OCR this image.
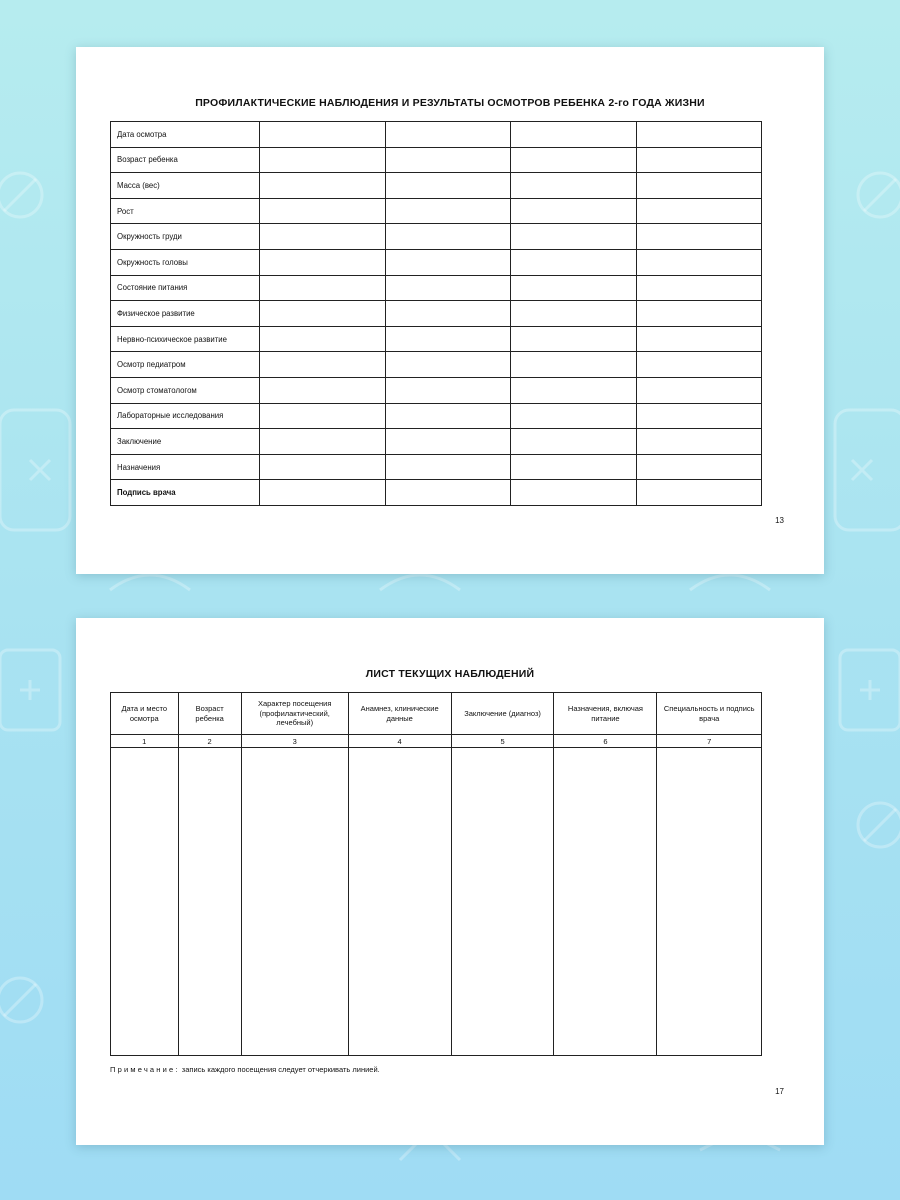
ПРОФИЛАКТИЧЕСКИЕ НАБЛЮДЕНИЯ И РЕЗУЛЬТАТЫ ОСМОТРОВ РЕБЕНКА 2-го ГОДА ЖИЗНИ
Дата осмотра				
Возраст ребенка				
Масса (вес)				
Рост				
Окружность груди				
Окружность головы				
Состояние питания				
Физическое развитие				
Нервно-психическое развитие				
Осмотр педиатром				
Осмотр стоматологом				
Лабораторные исследования				
Заключение				
Назначения				
Подпись врача				
13
ЛИСТ ТЕКУЩИХ НАБЛЮДЕНИЙ
Дата и место осмотра	Возраст ребенка	Характер посещения (профилактический, лечебный)	Анамнез, клинические данные	Заключение (диагноз)	Назначения, включая питание	Специальность и подпись врача
1	2	3	4	5	6	7

Примечание: запись каждого посещения следует отчеркивать линией.
17
